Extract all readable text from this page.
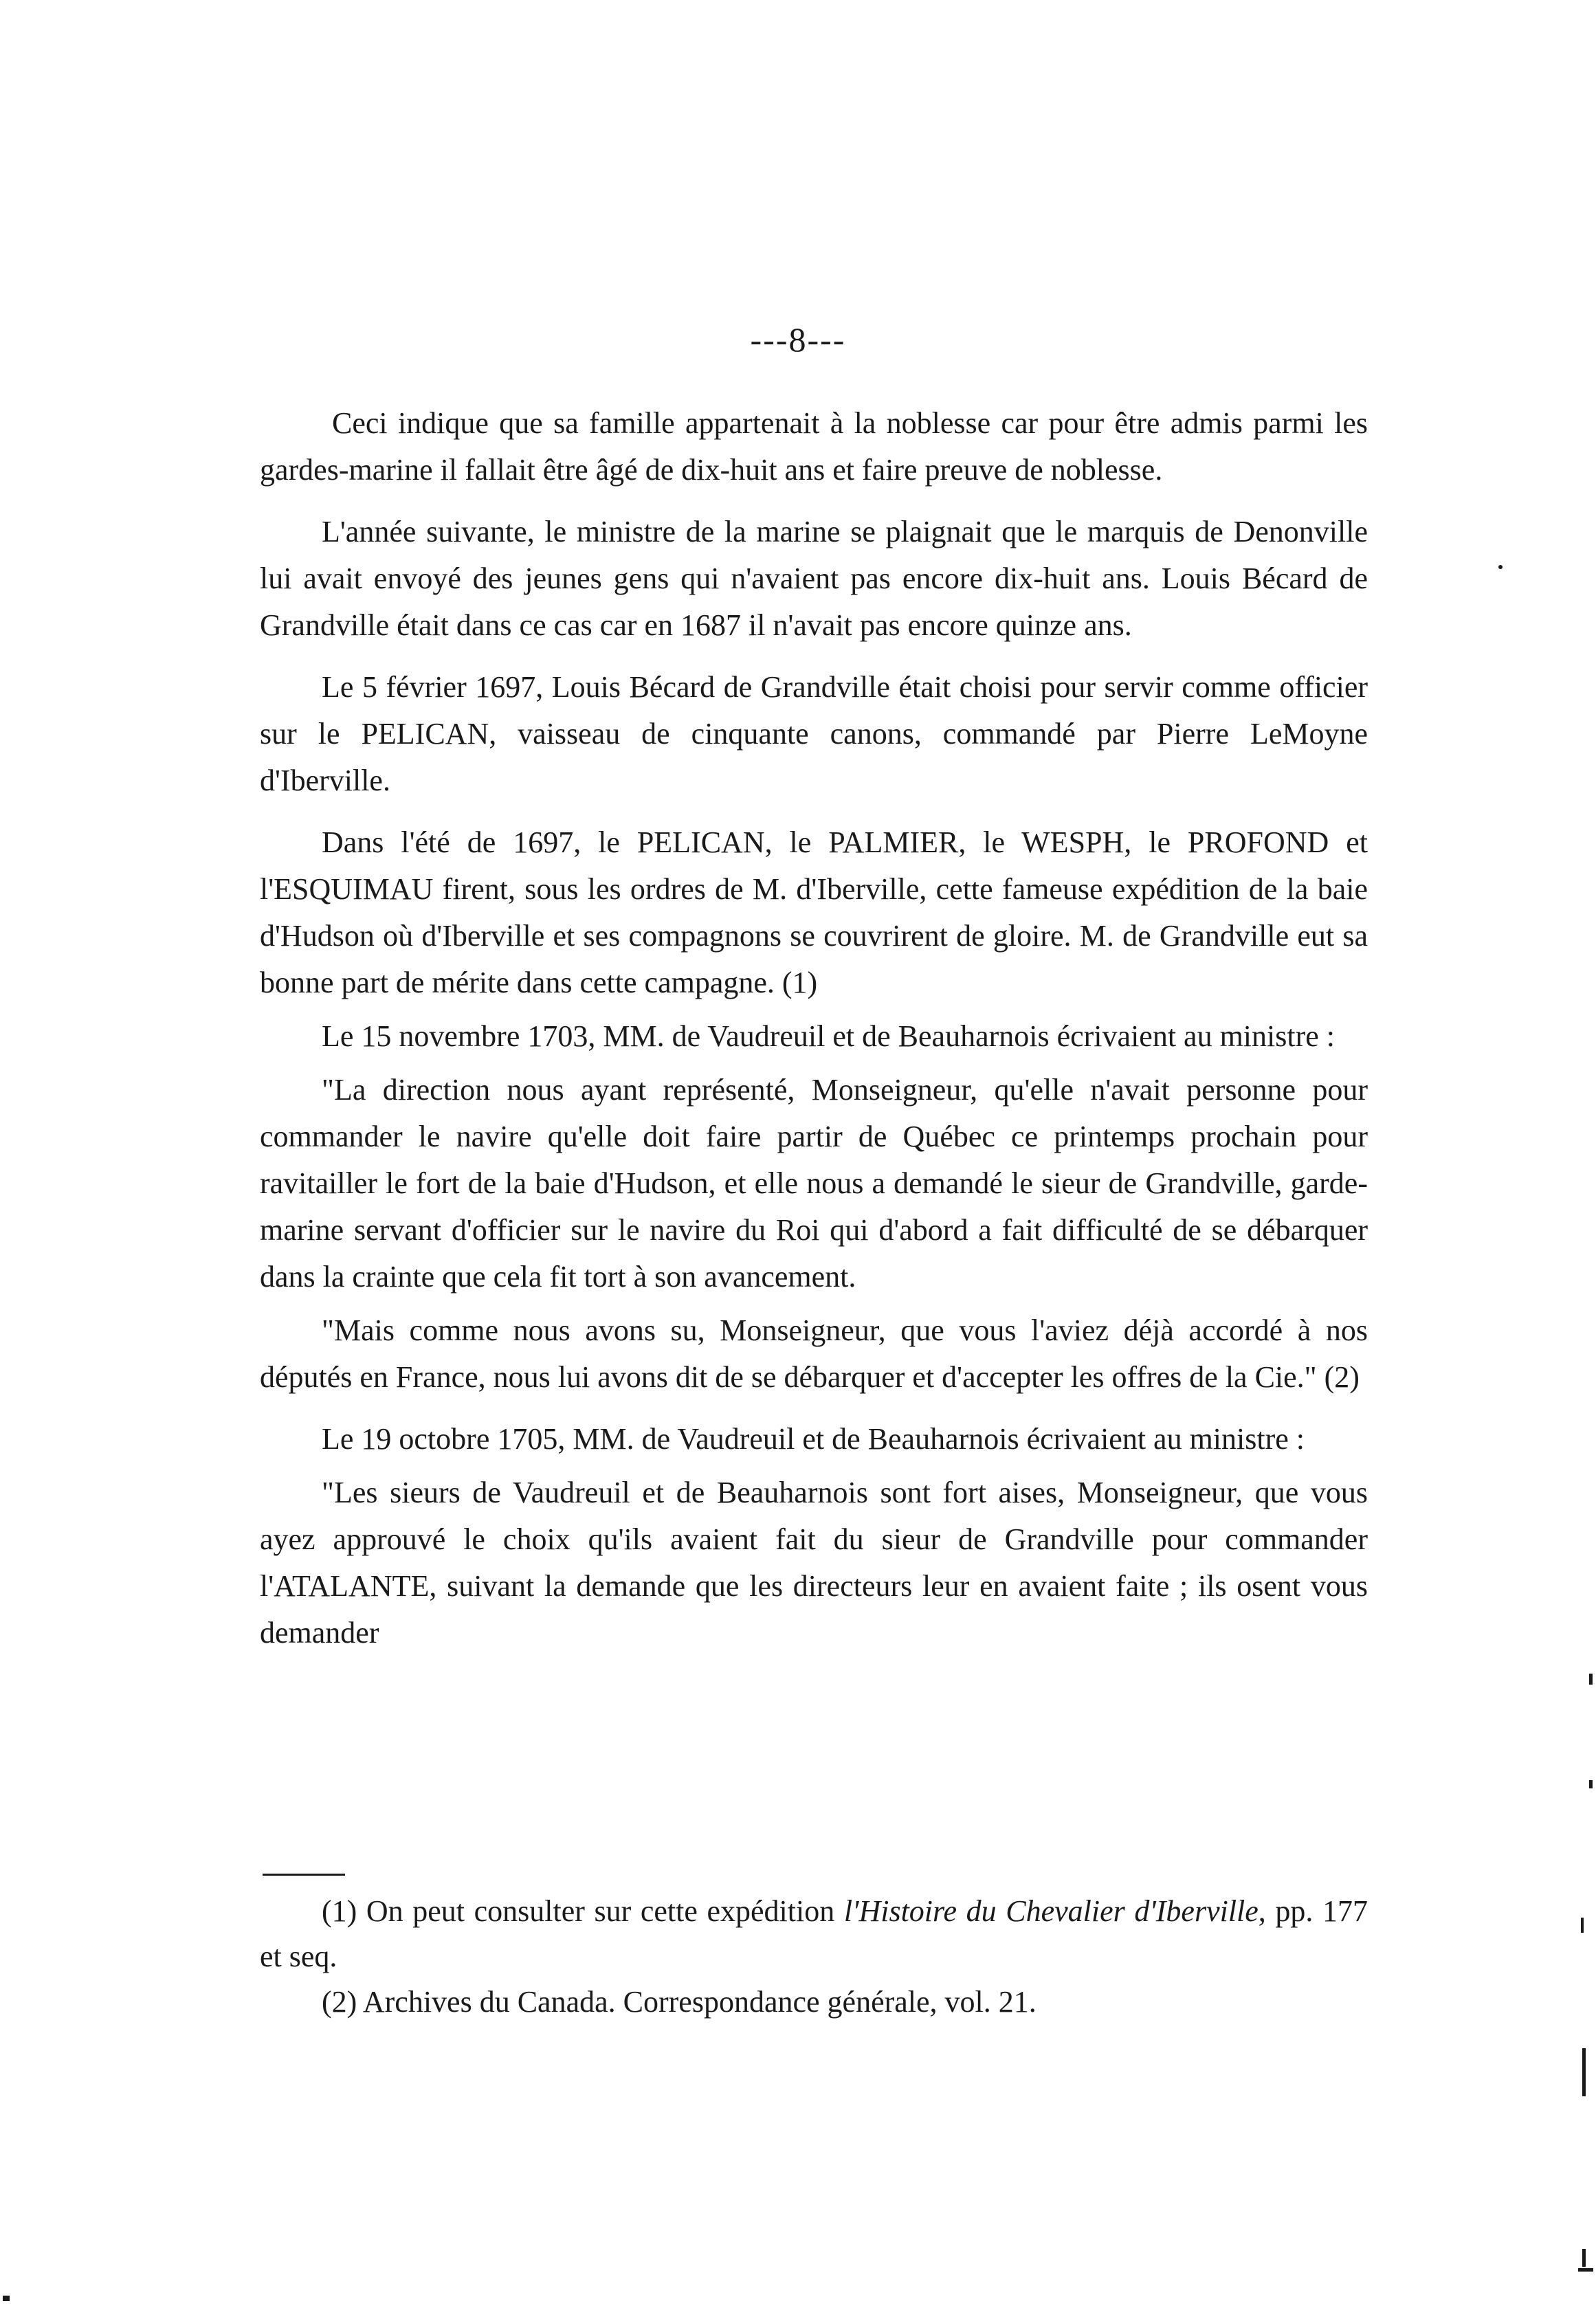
---8---

Ceci indique que sa famille appartenait à la noblesse car pour être admis parmi les gardes-marine il fallait être âgé de dix-huit ans et faire preuve de noblesse.

L'année suivante, le ministre de la marine se plaignait que le marquis de Denonville lui avait envoyé des jeunes gens qui n'avaient pas encore dix-huit ans. Louis Bécard de Grandville était dans ce cas car en 1687 il n'avait pas encore quinze ans.

Le 5 février 1697, Louis Bécard de Grandville était choisi pour servir comme officier sur le PELICAN, vaisseau de cinquante canons, commandé par Pierre LeMoyne d'Iberville.

Dans l'été de 1697, le PELICAN, le PALMIER, le WESPH, le PROFOND et l'ESQUIMAU firent, sous les ordres de M. d'Iberville, cette fameuse expédition de la baie d'Hudson où d'Iberville et ses compagnons se couvrirent de gloire. M. de Grandville eut sa bonne part de mérite dans cette campagne. (1)

Le 15 novembre 1703, MM. de Vaudreuil et de Beauharnois écrivaient au ministre :

"La direction nous ayant représenté, Monseigneur, qu'elle n'avait personne pour commander le navire qu'elle doit faire partir de Québec ce printemps prochain pour ravitailler le fort de la baie d'Hudson, et elle nous a demandé le sieur de Grandville, garde-marine servant d'officier sur le navire du Roi qui d'abord a fait difficulté de se débarquer dans la crainte que cela fit tort à son avancement.

"Mais comme nous avons su, Monseigneur, que vous l'aviez déjà accordé à nos députés en France, nous lui avons dit de se débarquer et d'accepter les offres de la Cie." (2)

Le 19 octobre 1705, MM. de Vaudreuil et de Beauharnois écrivaient au ministre :

"Les sieurs de Vaudreuil et de Beauharnois sont fort aises, Monseigneur, que vous ayez approuvé le choix qu'ils avaient fait du sieur de Grandville pour commander l'ATALANTE, suivant la demande que les directeurs leur en avaient faite ; ils osent vous demander

(1) On peut consulter sur cette expédition l'Histoire du Chevalier d'Iberville, pp. 177 et seq.

(2) Archives du Canada. Correspondance générale, vol. 21.
